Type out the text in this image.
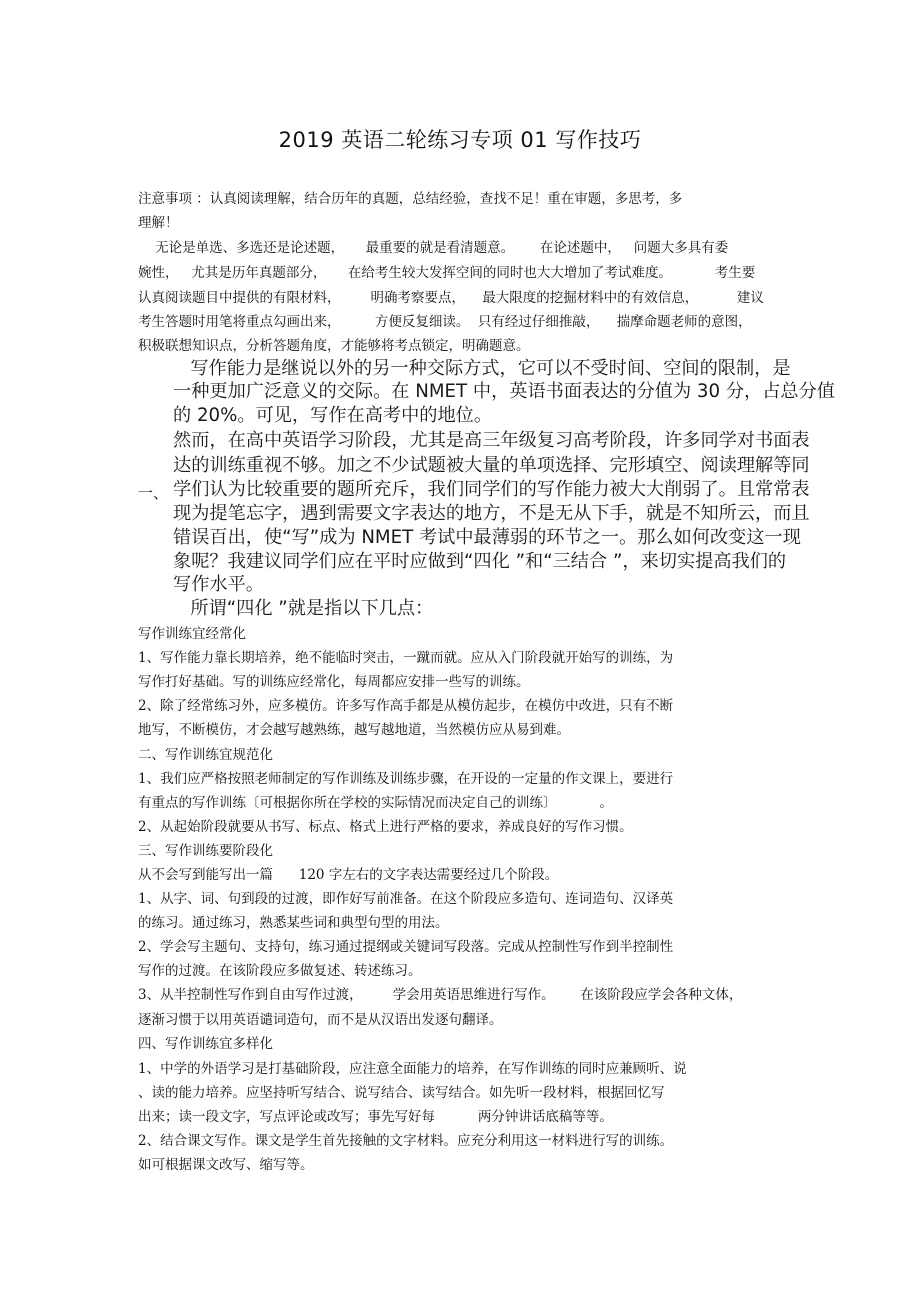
2019 英语二轮练习专项 01 写作技巧
注意事项 ：认真阅读理解，结合历年的真题，总结经验，查找不足！重在审题，多思考，多
理解！
无论是单选、多选还是论述题，     最重要的就是看清题意。      在论述题中，   问题大多具有委
婉性，   尤其是历年真题部分，     在给考生较大发挥空间的同时也大大增加了考试难度。          考生要
认真阅读题目中提供的有限材料，       明确考察要点，    最大限度的挖掘材料中的有效信息，         建议
考生答题时用笔将重点勾画出来，        方便反复细读。  只有经过仔细推敲，    揣摩命题老师的意图，
积极联想知识点，分析答题角度，才能够将考点锁定，明确题意。
一、
写作能力是继说以外的另一种交际方式，它可以不受时间、空间的限制，是
一种更加广泛意义的交际。在 NMET 中，英语书面表达的分值为 30 分，占总分值
的 20%。可见，写作在高考中的地位。
然而，在高中英语学习阶段，尤其是高三年级复习高考阶段，许多同学对书面表
达的训练重视不够。加之不少试题被大量的单项选择、完形填空、阅读理解等同
学们认为比较重要的题所充斥，我们同学们的写作能力被大大削弱了。且常常表
现为提笔忘字，遇到需要文字表达的地方，不是无从下手，就是不知所云，而且
错误百出，使“写”成为 NMET 考试中最薄弱的环节之一。那么如何改变这一现
象呢？我建议同学们应在平时应做到“四化 ”和“三结合 ”，来切实提高我们的
写作水平。
所谓“四化 ”就是指以下几点：
写作训练宜经常化
1、写作能力靠长期培养，绝不能临时突击，一蹴而就。应从入门阶段就开始写的训练，为
写作打好基础。写的训练应经常化，每周都应安排一些写的训练。
2、除了经常练习外，应多模仿。许多写作高手都是从模仿起步，在模仿中改进，只有不断
地写，不断模仿，才会越写越熟练，越写越地道，当然模仿应从易到难。
二、写作训练宜规范化
1、我们应严格按照老师制定的写作训练及训练步骤，在开设的一定量的作文课上，要进行
有重点的写作训练〔可根据你所在学校的实际情况而决定自己的训练〕          。
2、从起始阶段就要从书写、标点、格式上进行严格的要求，养成良好的写作习惯。
三、写作训练要阶段化
从不会写到能写出一篇      120 字左右的文字表达需要经过几个阶段。
1、从字、词、句到段的过渡，即作好写前准备。在这个阶段应多造句、连词造句、汉译英
的练习。通过练习，熟悉某些词和典型句型的用法。
2、学会写主题句、支持句，练习通过提纲或关键词写段落。完成从控制性写作到半控制性
写作的过渡。在该阶段应多做复述、转述练习。
3、从半控制性写作到自由写作过渡，       学会用英语思维进行写作。      在该阶段应学会各种文体，
逐渐习惯于以用英语谴词造句，而不是从汉语出发逐句翻译。
四、写作训练宜多样化
1、中学的外语学习是打基础阶段，应注意全面能力的培养，在写作训练的同时应兼顾听、说
、读的能力培养。应坚持听写结合、说写结合、读写结合。如先听一段材料，根据回忆写
出来；读一段文字，写点评论或改写；事先写好每          两分钟讲话底稿等等。
2、结合课文写作。课文是学生首先接触的文字材料。应充分利用这一材料进行写的训练。
如可根据课文改写、缩写等。
